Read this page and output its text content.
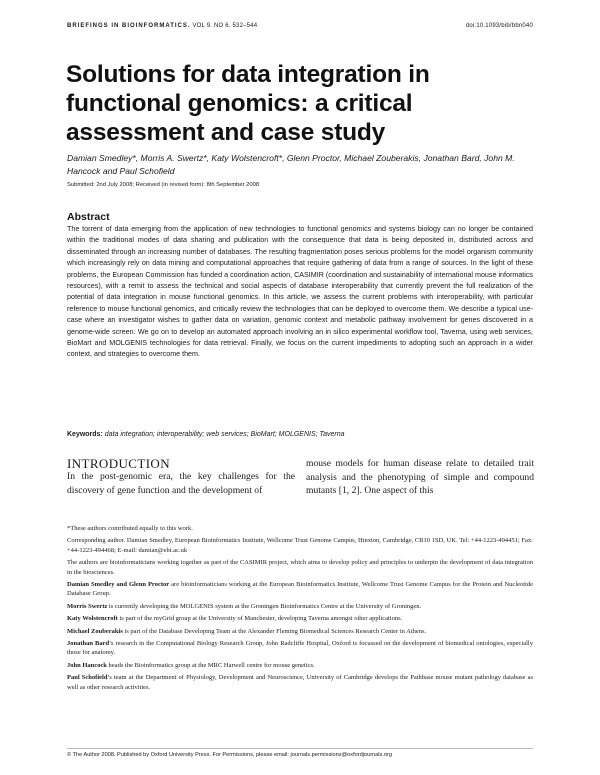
BRIEFINGS IN BIOINFORMATICS. VOL 9. NO 6. 532–544	doi:10.1093/bib/bbn040
Solutions for data integration in functional genomics: a critical assessment and case study
Damian Smedley*, Morris A. Swertz*, Katy Wolstencroft*, Glenn Proctor, Michael Zouberakis, Jonathan Bard, John M. Hancock and Paul Schofield
Submitted: 2nd July 2008; Received (in revised form): 8th September 2008
Abstract
The torrent of data emerging from the application of new technologies to functional genomics and systems biology can no longer be contained within the traditional modes of data sharing and publication with the consequence that data is being deposited in, distributed across and disseminated through an increasing number of databases. The resulting fragmentation poses serious problems for the model organism community which increasingly rely on data mining and computational approaches that require gathering of data from a range of sources. In the light of these problems, the European Commission has funded a coordination action, CASIMIR (coordination and sustainability of international mouse informatics resources), with a remit to assess the technical and social aspects of database interoperability that currently prevent the full realization of the potential of data integration in mouse functional genomics. In this article, we assess the current problems with interoperability, with particular reference to mouse functional genomics, and critically review the technologies that can be deployed to overcome them. We describe a typical use-case where an investigator wishes to gather data on variation, genomic context and metabolic pathway involvement for genes discovered in a genome-wide screen. We go on to develop an automated approach involving an in silico experimental workflow tool, Taverna, using web services, BioMart and MOLGENIS technologies for data retrieval. Finally, we focus on the current impediments to adopting such an approach in a wider context, and strategies to overcome them.
Keywords: data integration; interoperability; web services; BioMart; MOLGENIS; Taverna
INTRODUCTION
In the post-genomic era, the key challenges for the discovery of gene function and the development of
mouse models for human disease relate to detailed trait analysis and the phenotyping of simple and compound mutants [1, 2]. One aspect of this

*These authors contributed equally to this work.

Corresponding author. Damian Smedley, European Bioinformatics Institute, Wellcome Trust Genome Campus, Hinxton, Cambridge, CB10 1SD, UK. Tel: +44-1223-494451; Fax: +44-1223-494468; E-mail: damian@ebi.ac.uk

The authors are bioinformaticians working together as part of the CASIMIR project, which aims to develop policy and principles to underpin the development of data integration in the biosciences.

Damian Smedley and Glenn Proctor are bioinformaticians working at the European Bioinformatics Institute, Wellcome Trust Genome Campus for the Protein and Nucleotide Database Group.

Morris Swertz is currently developing the MOLGENIS system at the Groningen Bioinformatics Centre at the University of Groningen.

Katy Wolstencroft is part of the myGrid group at the University of Manchester, developing Taverna amongst other applications.

Michael Zouberakis is part of the Database Developing Team at the Alexander Fleming Biomedical Sciences Research Center in Athens.

Jonathan Bard’s research in the Computational Biology Research Group, John Radcliffe Hospital, Oxford is focussed on the development of biomedical ontologies, especially those for anatomy.

John Hancock heads the Bioinformatics group at the MRC Harwell centre for mouse genetics.

Paul Schofield’s team at the Department of Physiology, Development and Neuroscience, University of Cambridge develops the Pathbase mouse mutant pathology database as well as other research activities.

© The Author 2008. Published by Oxford University Press. For Permissions, please email: journals.permissions@oxfordjournals.org
